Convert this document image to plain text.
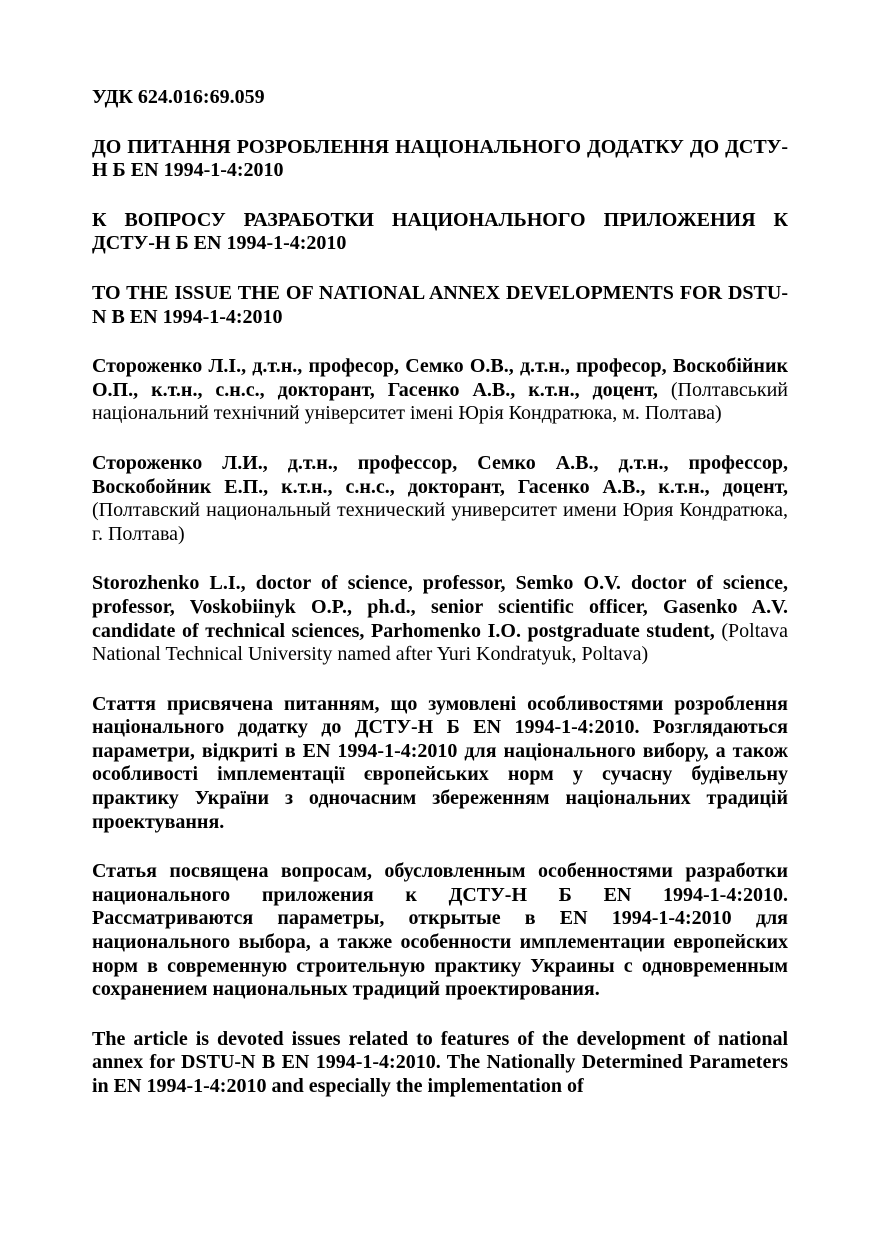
УДК 624.016:69.059

ДО ПИТАННЯ РОЗРОБЛЕННЯ НАЦІОНАЛЬНОГО ДОДАТКУ ДО ДСТУ-Н Б EN 1994-1-4:2010

К ВОПРОСУ РАЗРАБОТКИ НАЦИОНАЛЬНОГО ПРИЛОЖЕНИЯ К ДСТУ-Н Б EN 1994-1-4:2010

TO THE ISSUE THE OF NATIONAL ANNEX DEVELOPMENTS FOR DSTU-N B EN 1994-1-4:2010

Стороженко Л.І., д.т.н., професор, Семко О.В., д.т.н., професор, Воскобійник О.П., к.т.н., с.н.с., докторант, Гасенко А.В., к.т.н., доцент, (Полтавський національний технічний університет імені Юрія Кондратюка, м. Полтава)

Стороженко Л.И., д.т.н., профессор, Семко А.В., д.т.н., профессор, Воскобойник Е.П., к.т.н., с.н.с., докторант, Гасенко А.В., к.т.н., доцент, (Полтавский национальный технический университет имени Юрия Кондратюка, г. Полтава)

Storozhenko L.I., doctor of science, professor, Semko O.V. doctor of science, professor, Voskobiinyk O.P., ph.d., senior scientific officer, Gasenko A.V. candidate of тechnical sciences, Parhomenko I.O. postgraduate student, (Poltava National Technical University named after Yuri Kondratyuk, Poltava)

Стаття присвячена питанням, що зумовлені особливостями розроблення національного додатку до ДСТУ-Н Б EN 1994-1-4:2010. Розглядаються параметри, відкриті в EN 1994-1-4:2010 для національного вибору, а також особливості імплементації європейських норм у сучасну будівельну практику України з одночасним збереженням національних традицій проектування.

Статья посвящена вопросам, обусловленным особенностями разработки национального приложения к ДСТУ-Н Б EN 1994-1-4:2010. Рассматриваются параметры, открытые в EN 1994-1-4:2010 для национального выбора, а также особенности имплементации европейских норм в современную строительную практику Украины с одновременным сохранением национальных традиций проектирования.

The article is devoted issues related to features of the development of national annex for DSTU-N B EN 1994-1-4:2010. The Nationally Determined Parameters in EN 1994-1-4:2010 and especially the implementation of
